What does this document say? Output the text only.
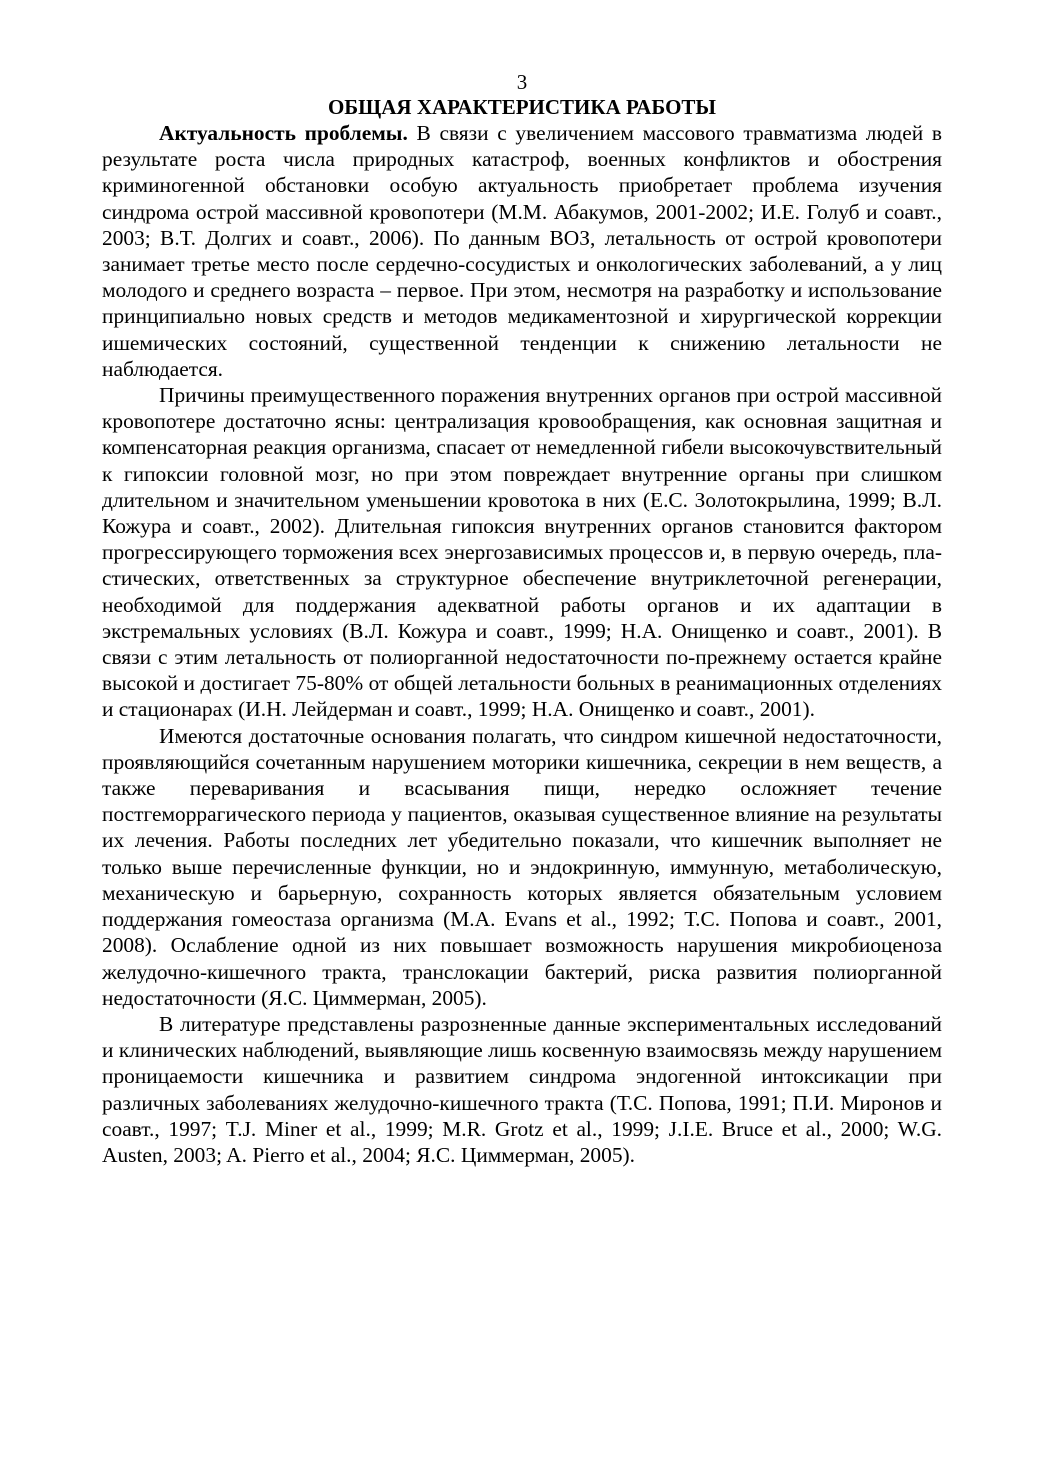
3
ОБЩАЯ ХАРАКТЕРИСТИКА РАБОТЫ

Актуальность проблемы. В связи с увеличением массового травматизма людей в результате роста числа природных катастроф, военных конфликтов и обострения криминогенной обстановки особую актуальность приобретает проблема изучения синдрома острой массивной кровопотери (М.М. Абакумов, 2001-2002; И.Е. Голуб и соавт., 2003; В.Т. Долгих и соавт., 2006). По данным ВОЗ, летальность от острой кровопотери занимает третье место после сердечно-сосудистых и онкологических заболеваний, а у лиц молодого и среднего возраста – первое. При этом, несмотря на разработку и использование принципиально новых средств и методов медикаментозной и хирургической коррекции ишемических состояний, существенной тенденции к снижению летальности не наблюдается.

Причины преимущественного поражения внутренних органов при острой массивной кровопотере достаточно ясны: централизация кровообращения, как основная защитная и компенсаторная реакция организма, спасает от немедленной гибели высокочувствительный к гипоксии головной мозг, но при этом повреждает внутренние органы при слишком длительном и значительном уменьшении кровотока в них (Е.С. Золотокрылина, 1999; В.Л. Кожура и соавт., 2002). Длительная гипоксия внутренних органов становится фактором прогрессирующего торможения всех энергозависимых процессов и, в первую очередь, пластических, ответственных за структурное обеспечение внутриклеточной регенерации, необходимой для поддержания адекватной работы органов и их адаптации в экстремальных условиях (В.Л. Кожура и соавт., 1999; Н.А. Онищенко и соавт., 2001). В связи с этим летальность от полиорганной недостаточности по-прежнему остается крайне высокой и достигает 75-80% от общей летальности больных в реанимационных отделениях и стационарах (И.Н. Лейдерман и соавт., 1999; Н.А. Онищенко и соавт., 2001).

Имеются достаточные основания полагать, что синдром кишечной недостаточности, проявляющийся сочетанным нарушением моторики кишечника, секреции в нем веществ, а также переваривания и всасывания пищи, нередко осложняет течение постгеморрагического периода у пациентов, оказывая существенное влияние на результаты их лечения. Работы последних лет убедительно показали, что кишечник выполняет не только выше перечисленные функции, но и эндокринную, иммунную, метаболическую, механическую и барьерную, сохранность которых является обязательным условием поддержания гомеостаза организма (M.A. Evans et al., 1992; Т.С. Попова и соавт., 2001, 2008). Ослабление одной из них повышает возможность нарушения микробиоценоза желудочно-кишечного тракта, транслокации бактерий, риска развития полиорганной недостаточности (Я.С. Циммерман, 2005).

В литературе представлены разрозненные данные экспериментальных исследований и клинических наблюдений, выявляющие лишь косвенную взаимосвязь между нарушением проницаемости кишечника и развитием синдрома эндогенной интоксикации при различных заболеваниях желудочно-кишечного тракта (Т.С. Попова, 1991; П.И. Миронов и соавт., 1997; T.J. Miner et al., 1999; M.R. Grotz et al., 1999; J.I.E. Bruce et al., 2000; W.G. Austen, 2003; A. Pierro et al., 2004; Я.С. Циммерман, 2005).
